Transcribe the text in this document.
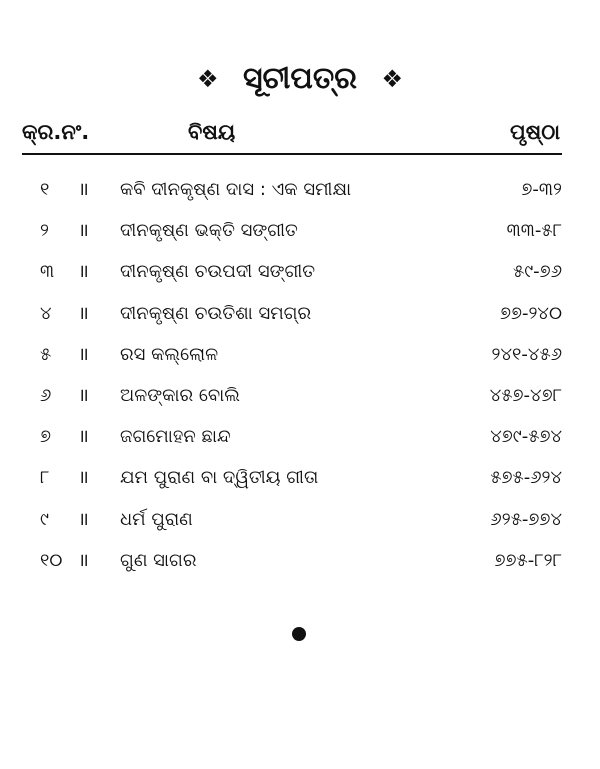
❖ ସୂଚୀପତ୍ର ❖
କ୍ର.ନଂ.	ବିଷୟ	ପୃଷ୍ଠା
୧ ॥ କବି ଦୀନକୃଷ୍ଣ ଦାସ : ଏକ ସମୀକ୍ଷା	୭-୩୨
୨ ॥ ଦୀନକୃଷ୍ଣ ଭକ୍ତି ସଙ୍ଗୀତ	୩୩-୫୮
୩ ॥ ଦୀନକୃଷ୍ଣ ଚଉପଦୀ ସଙ୍ଗୀତ	୫୯-୭୬
୪ ॥ ଦୀନକୃଷ୍ଣ ଚଉତିଶା ସମଗ୍ର	୭୭-୨୪୦
୫ ॥ ରସ କଲ୍ଲୋଳ	୨୪୧-୪୫୬
୬ ॥ ଅଳଙ୍କାର ବୋଲି	୪୫୭-୪୭୮
୭ ॥ ଜଗମୋହନ ଛାନ୍ଦ	୪୭୯-୫୭୪
୮ ॥ ଯମ ପୁରାଣ ବା ଦ୍ୱିତୀୟ ଗୀତା	୫୭୫-୬୨୪
୯ ॥ ଧର୍ମ ପୁରାଣ	୬୨୫-୭୭୪
୧୦ ॥ ଗୁଣ ସାଗର	୭୭୫-୮୨୮
